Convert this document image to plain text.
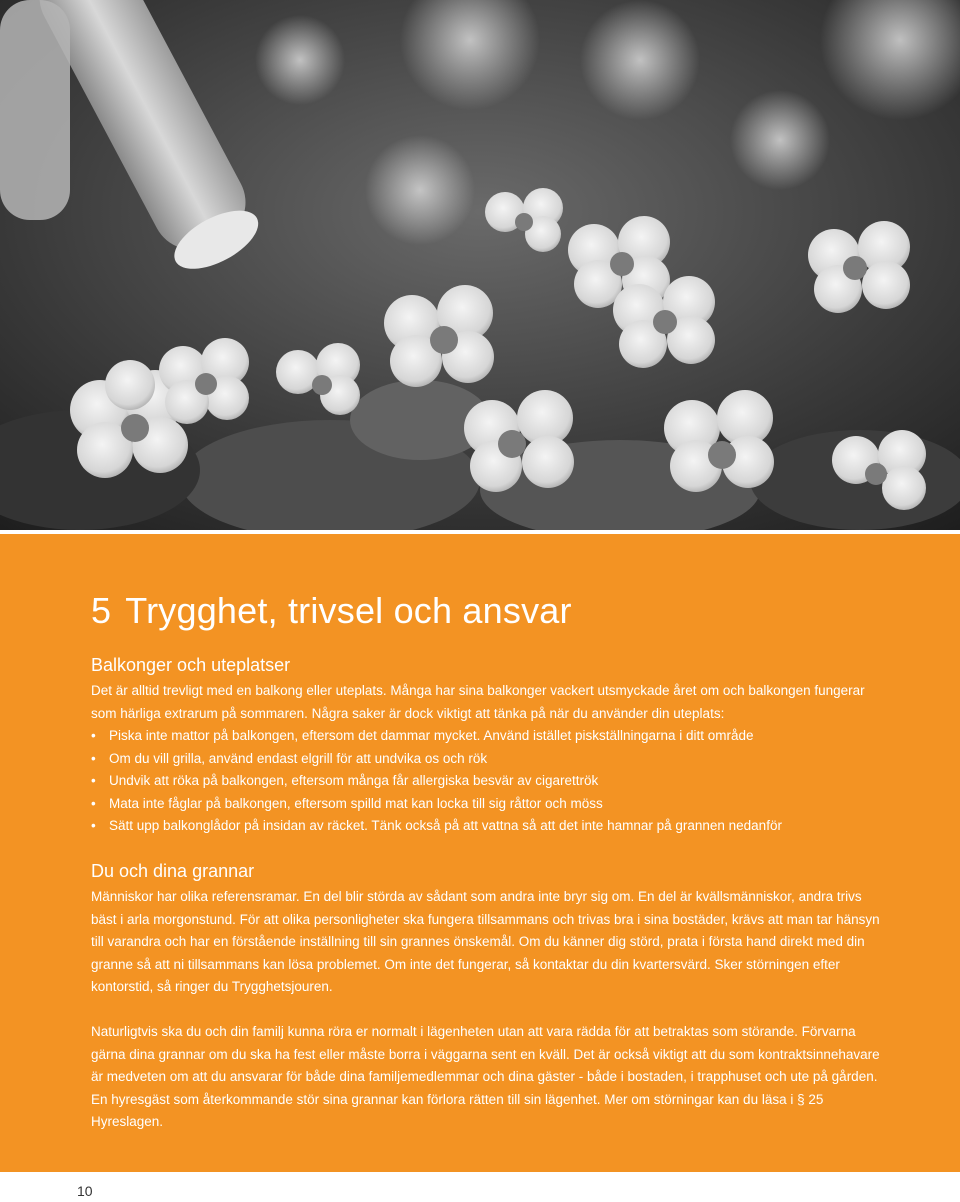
5 Trygghet, trivsel och ansvar
Balkonger och uteplatser

Det är alltid trevligt med en balkong eller uteplats. Många har sina balkonger vackert utsmyckade året om och balkongen fungerar som härliga extrarum på sommaren. Några saker är dock viktigt att tänka på när du använder din uteplats:

• Piska inte mattor på balkongen, eftersom det dammar mycket. Använd istället piskställningarna i ditt område
• Om du vill grilla, använd endast elgrill för att undvika os och rök
• Undvik att röka på balkongen, eftersom många får allergiska besvär av cigarettrök
• Mata inte fåglar på balkongen, eftersom spilld mat kan locka till sig råttor och möss
• Sätt upp balkonglådor på insidan av räcket. Tänk också på att vattna så att det inte hamnar på grannen nedanför
Du och dina grannar

Människor har olika referensramar. En del blir störda av sådant som andra inte bryr sig om. En del är kvällsmänniskor, andra trivs bäst i arla morgonstund. För att olika personligheter ska fungera tillsammans och trivas bra i sina bostäder, krävs att man tar hänsyn till varandra och har en förstående inställning till sin grannes önskemål. Om du känner dig störd, prata i första hand direkt med din granne så att ni tillsammans kan lösa problemet. Om inte det fungerar, så kontaktar du din kvartersvärd. Sker störningen efter kontorstid, så ringer du Trygghetsjouren.

Naturligtvis ska du och din familj kunna röra er normalt i lägenheten utan att vara rädda för att betraktas som störande. Förvarna gärna dina grannar om du ska ha fest eller måste borra i väggarna sent en kväll. Det är också viktigt att du som kontraktsinnehavare är medveten om att du ansvarar för både dina familjemedlemmar och dina gäster - både i bostaden, i trapphuset och ute på gården. En hyresgäst som återkommande stör sina grannar kan förlora rätten till sin lägenhet. Mer om störningar kan du läsa i § 25 Hyreslagen.

10
